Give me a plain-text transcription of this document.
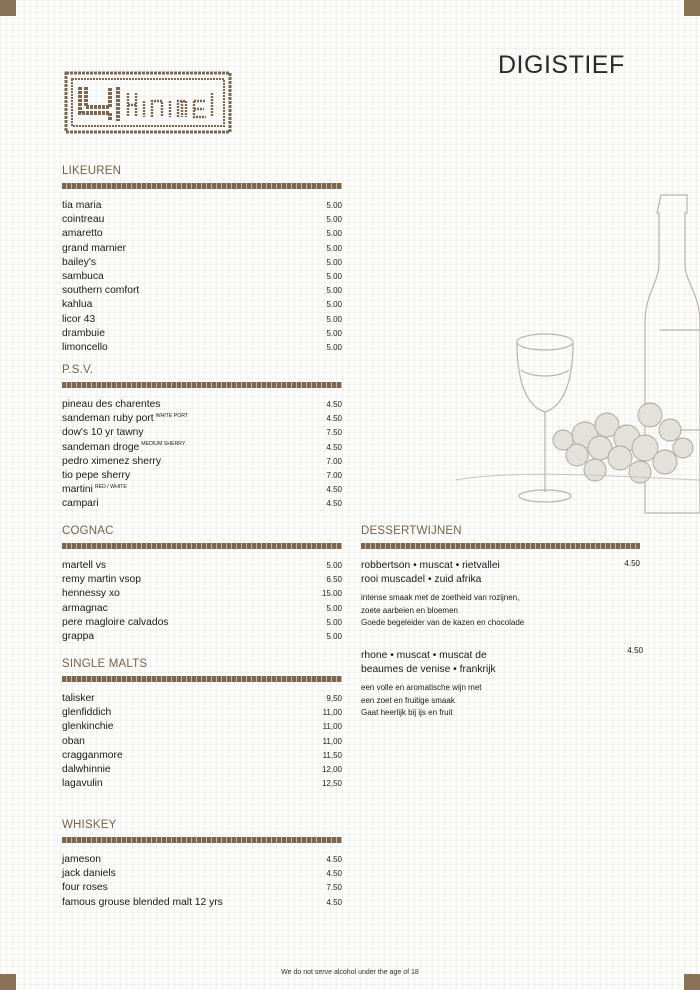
DIGISTIEF
LIKEUREN
tia maria	5.00
cointreau	5.00
amaretto	5.00
grand marnier	5.00
bailey's	5.00
sambuca	5.00
southern comfort	5.00
kahlua	5.00
licor 43	5.00
drambuie	5.00
limoncello	5.00
P.S.V.
pineau des charentes	4.50
sandeman ruby port $^{WHITE PORT}$	4.50
dow's 10 yr tawny	7.50
sandeman droge $^{MEDIUM SHERRY}$	4.50
pedro ximenez sherry	7.00
tio pepe sherry	7.00
martini $^{RED / WHITE}$	4.50
campari	4.50
COGNAC
martell vs	5.00
remy martin vsop	6.50
hennessy xo	15.00
armagnac	5.00
pere magloire calvados	5.00
grappa	5.00
SINGLE MALTS
talisker	9,50
glenfiddich	11,00
glenkinchie	11,00
oban	11,00
cragganmore	11,50
dalwhinnie	12,00
lagavulin	12,50
WHISKEY
jameson	4.50
jack daniels	4.50
four roses	7.50
famous grouse blended malt 12 yrs	4.50
DESSERTWIJNEN
robbertson • muscat • rietvallei
rooi muscadel • zuid afrika
4.50
intense smaak met de zoetheid van rozijnen,
zoete aarbeien en bloemen
Goede begeleider van de kazen en chocolade
rhone • muscat • muscat de
beaumes de venise • frankrijk
4.50
een volle en aromatische wijn met
een zoet en fruitige smaak
Gaat heerlijk bij ijs en fruit
We do not serve alcohol under the age of 18
